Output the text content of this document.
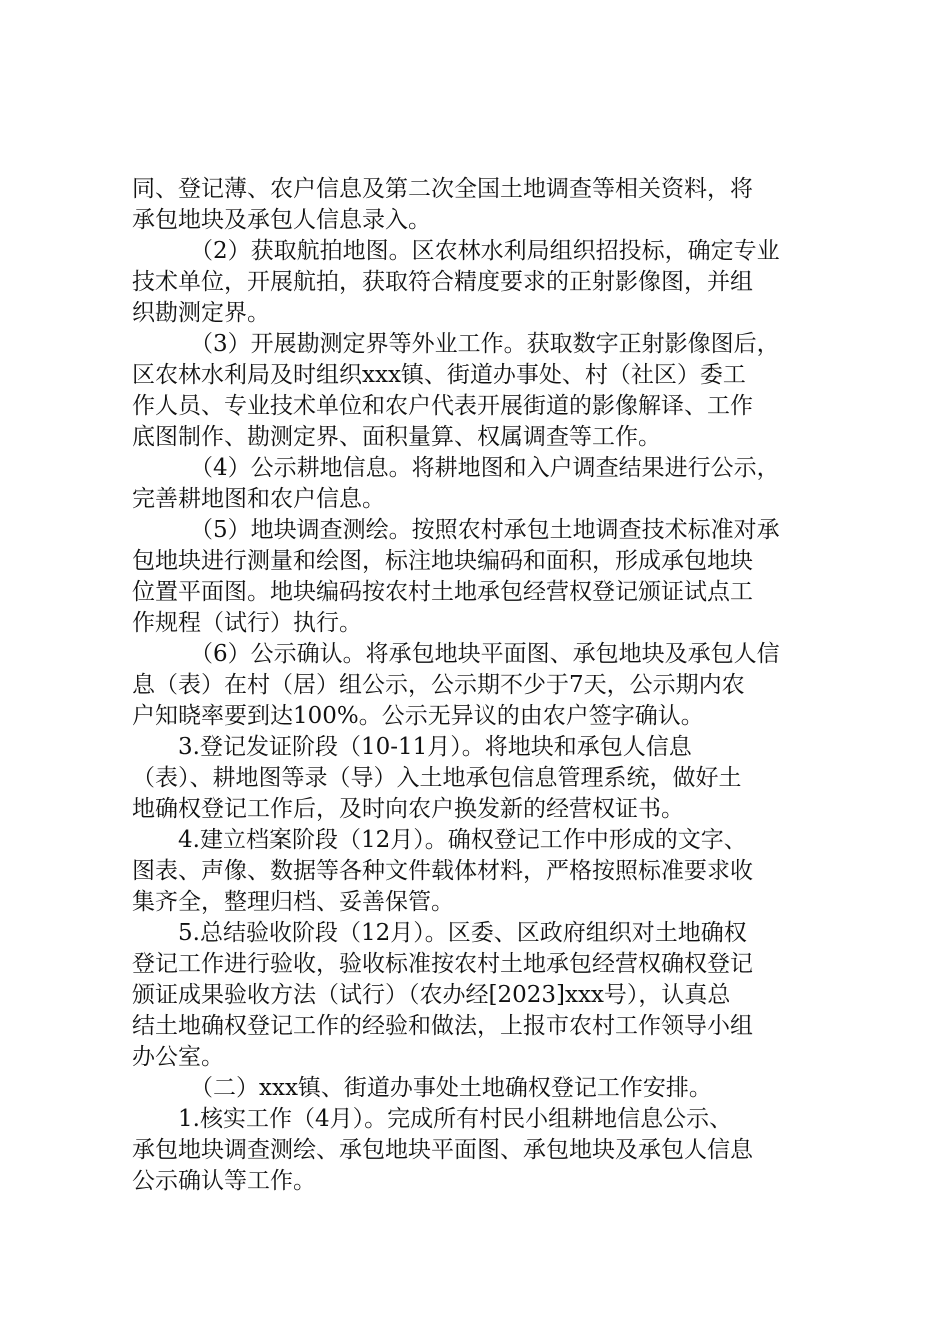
同、登记薄、农户信息及第二次全国土地调查等相关资料，将
承包地块及承包人信息录入。
（2）获取航拍地图。区农林水利局组织招投标，确定专业
技术单位，开展航拍，获取符合精度要求的正射影像图，并组
织勘测定界。
（3）开展勘测定界等外业工作。获取数字正射影像图后，
区农林水利局及时组织xxx镇、街道办事处、村（社区）委工
作人员、专业技术单位和农户代表开展街道的影像解译、工作
底图制作、勘测定界、面积量算、权属调查等工作。
（4）公示耕地信息。将耕地图和入户调查结果进行公示，
完善耕地图和农户信息。
（5）地块调查测绘。按照农村承包土地调查技术标准对承
包地块进行测量和绘图，标注地块编码和面积，形成承包地块
位置平面图。地块编码按农村土地承包经营权登记颁证试点工
作规程（试行）执行。
（6）公示确认。将承包地块平面图、承包地块及承包人信
息（表）在村（居）组公示，公示期不少于7天，公示期内农
户知晓率要到达100%。公示无异议的由农户签字确认。
3.登记发证阶段（10-11月）。将地块和承包人信息
（表）、耕地图等录（导）入土地承包信息管理系统，做好土
地确权登记工作后，及时向农户换发新的经营权证书。
4.建立档案阶段（12月）。确权登记工作中形成的文字、
图表、声像、数据等各种文件载体材料，严格按照标准要求收
集齐全，整理归档、妥善保管。
5.总结验收阶段（12月）。区委、区政府组织对土地确权
登记工作进行验收，验收标准按农村土地承包经营权确权登记
颁证成果验收方法（试行）（农办经[2023]xxx号），认真总
结土地确权登记工作的经验和做法，上报市农村工作领导小组
办公室。
（二）xxx镇、街道办事处土地确权登记工作安排。
1.核实工作（4月）。完成所有村民小组耕地信息公示、
承包地块调查测绘、承包地块平面图、承包地块及承包人信息
公示确认等工作。
